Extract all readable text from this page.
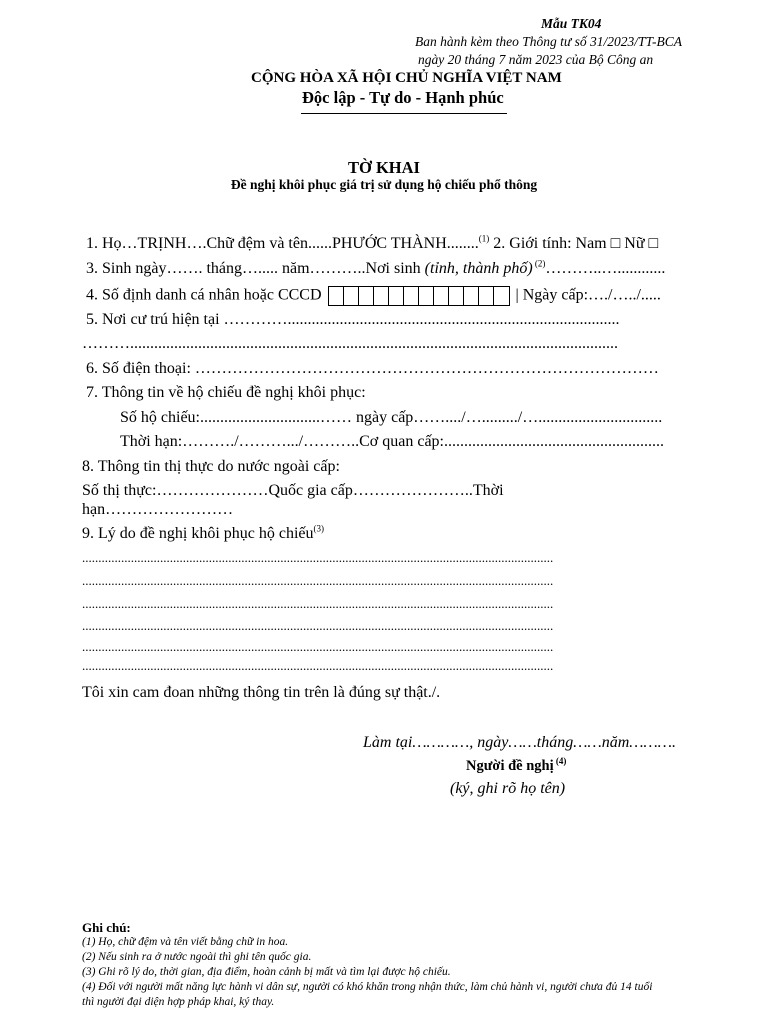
Mẫu TK04
Ban hành kèm theo Thông tư số 31/2023/TT-BCA
ngày 20 tháng 7 năm 2023 của Bộ Công an
CỘNG HÒA XÃ HỘI CHỦ NGHĨA VIỆT NAM
Độc lập - Tự do - Hạnh phúc
TỜ KHAI
Đề nghị khôi phục giá trị sử dụng hộ chiếu phổ thông
1. Họ…TRỊNH….Chữ đệm và tên......PHƯỚC THÀNH........$^{(1)}$ 2. Giới tính: Nam □ Nữ □
3. Sinh ngày……. tháng…..... năm………..Nơi sinh (tỉnh, thành phố) $^{(2)}$………..…............
4. Số định danh cá nhân hoặc CCCD	| Ngày cấp:…./…../.....
5. Nơi cư trú hiện tại …………...................................................................................
………..........................................................................................................................
6. Số điện thoại: ……………………………………………………………………………
7. Thông tin về hộ chiếu đề nghị khôi phục:
Số hộ chiếu:..............................…… ngày cấp……..../…........./…...............................
Thời hạn:………./……….../………..Cơ quan cấp:.......................................................
8. Thông tin thị thực do nước ngoài cấp:
Số thị thực:…………………Quốc gia cấp…………………..Thời
hạn……………………
9. Lý do đề nghị khôi phục hộ chiếu$^{(3)}$
.................................................................................................................................................
.................................................................................................................................................
.................................................................................................................................................
.................................................................................................................................................
.................................................................................................................................................
.................................................................................................................................................
Tôi xin cam đoan những thông tin trên là đúng sự thật./.
Làm tại…………, ngày……tháng……năm……….
Người đề nghị $^{(4)}$
(ký, ghi rõ họ tên)
Ghi chú:
(1) Họ, chữ đệm và tên viết bằng chữ in hoa.
(2) Nếu sinh ra ở nước ngoài thì ghi tên quốc gia.
(3) Ghi rõ lý do, thời gian, địa điểm, hoàn cảnh bị mất và tìm lại được hộ chiếu.
(4) Đối với người mất năng lực hành vi dân sự, người có khó khăn trong nhận thức, làm chủ hành vi, người chưa đủ 14 tuổi
thì người đại diện hợp pháp khai, ký thay.
